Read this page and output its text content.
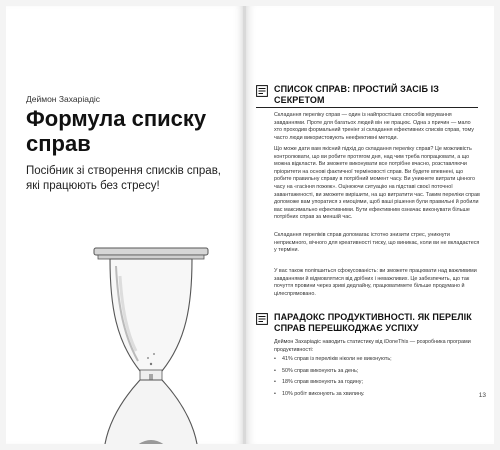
Деймон Захаріадіс
Формула списку справ
Посібник зі створення списків справ, які працюють без стресу!
СПИСОК СПРАВ: ПРОСТИЙ ЗАСІБ ІЗ СЕКРЕТОМ
Складання переліку справ — один із найпростіших способів керування завданнями. Проте для багатьох людей він не працює. Одна з причин — мало хто проходив формальний тренінг зі складання ефективних списків справ, тому часто люди використовують неефективні методи.
Що може дати вам якісний підхід до складання переліку справ? Це можливість контролювати, що ви робите протягом дня, над чим треба попрацювати, а що можна відкласти. Ви зможете виконувати все потрібне вчасно, розставляючи пріоритети на основі фактичної терміновості справ. Ви будете впевнені, що робите правильну справу в потрібний момент часу. Ви уникнете витрати цінного часу на «гасіння пожеж». Оцінюючи ситуацію на підставі своєї поточної завантаженості, ви зможете вирішити, на що витратити час. Таким переліки справ допоможе вам упоратися з емоціями, щоб ваші рішення були правильні й робили вас максимально ефективними. Бути ефективним означає виконувати більше потрібних справ за меншій час.
Складання переліків справ допомагає істотно знизити стрес, уникнути неприємного, вічного для креативності тиску, що виникає, коли ви не вкладаєтеся у терміни.
У вас також поліпшиться сфокусованість: ви зможете працювати над важливими завданнями й відмовлятися від дрібних і неважливих. Це забезпечить, що так почуття провини через зриві дедлайну, працюватимете більше продумано й цілеспрямовано.
ПАРАДОКС ПРОДУКТИВНОСТІ. ЯК ПЕРЕЛІК СПРАВ ПЕРЕШКОДЖАЄ УСПІХУ
Деймон Захаріадіс наводить статистику від iDoneThis — розробника програми продуктивності:
• 41% справ із переліків ніколи не виконують;
• 50% справ виконують за день;
• 18% справ виконують за годину;
• 10% робіт виконують за хвилину.	13
